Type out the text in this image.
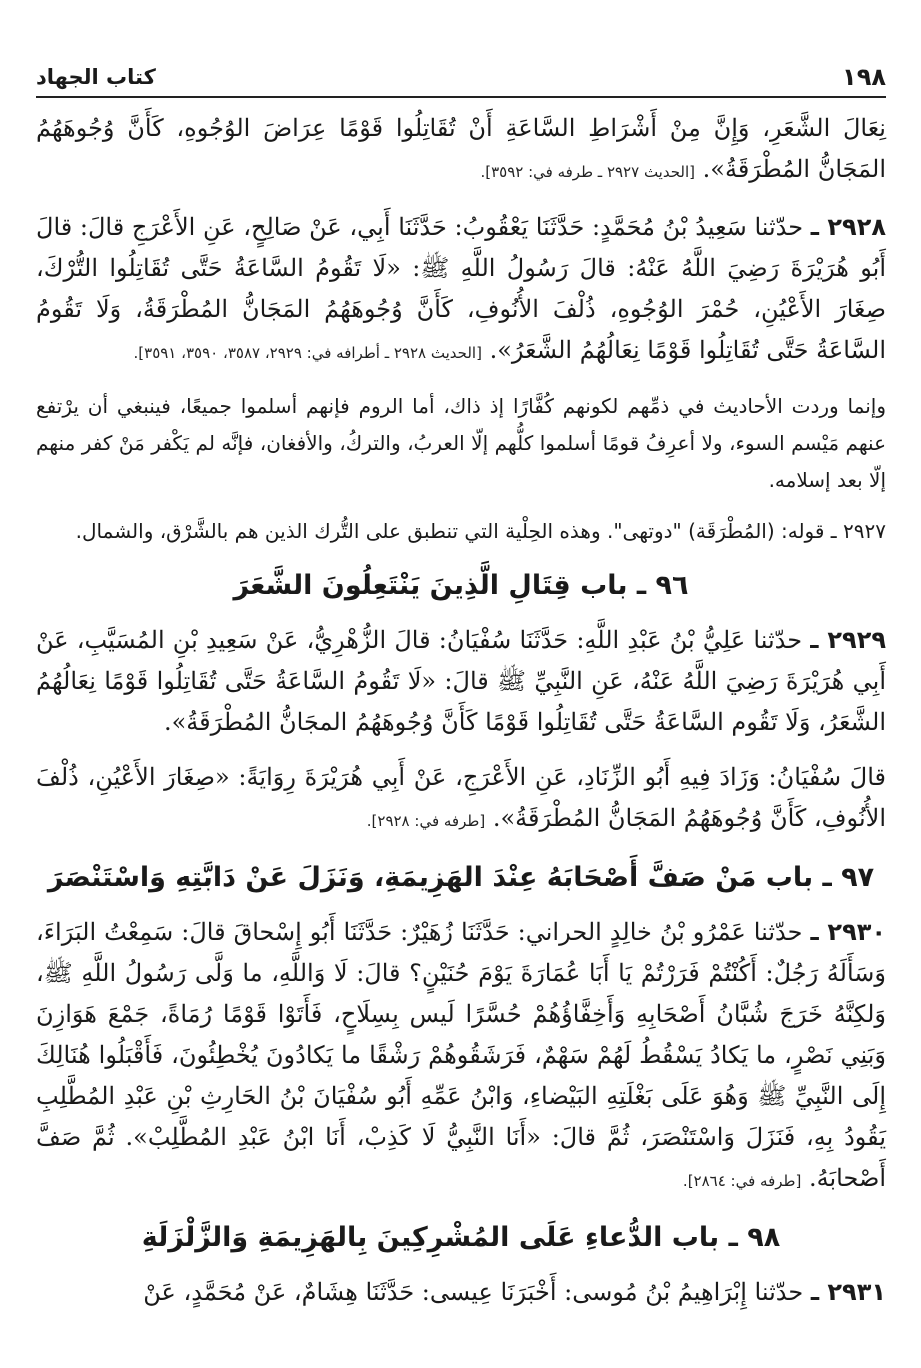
١٩٨
كتاب الجهاد

نِعَالَ الشَّعَرِ، وَإِنَّ مِنْ أَشْرَاطِ السَّاعَةِ أَنْ تُقَاتِلُوا قَوْمًا عِرَاضَ الوُجُوهِ، كَأَنَّ وُجُوهَهُمُ المَجَانُّ المُطْرَقَةُ». [الحديث ٢٩٢٧ ـ طرفه في: ٣٥٩٢].

٢٩٢٨ ـ حدّثنا سَعِيدُ بْنُ مُحَمَّدٍ: حَدَّثَنَا يَعْقُوبُ: حَدَّثَنَا أَبِي، عَنْ صَالِحٍ، عَنِ الأَعْرَجِ قالَ: قالَ أَبُو هُرَيْرَةَ رَضِيَ اللَّهُ عَنْهُ: قالَ رَسُولُ اللَّهِ ﷺ: «لَا تَقُومُ السَّاعَةُ حَتَّى تُقَاتِلُوا التُّرْكَ، صِغَارَ الأَعْيُنِ، حُمْرَ الوُجُوهِ، ذُلْفَ الأُنُوفِ، كَأَنَّ وُجُوهَهُمُ المَجَانُّ المُطْرَقَةُ، وَلَا تَقُومُ السَّاعَةُ حَتَّى تُقَاتِلُوا قَوْمًا نِعَالُهُمُ الشَّعَرُ». [الحديث ٢٩٢٨ ـ أطرافه في: ٢٩٢٩، ٣٥٨٧، ٣٥٩٠، ٣٥٩١].

وإنما وردت الأحاديث في ذمِّهم لكونهم كُفَّارًا إذ ذاك، أما الروم فإنهم أسلموا جميعًا، فينبغي أن يرْتفع عنهم مَيْسم السوء، ولا أعرِفُ قومًا أسلموا كلُّهم إلّا العربُ، والتركُ، والأفغان، فإنَّه لم يَكْفر مَنْ كفر منهم إلّا بعد إسلامه.

٢٩٢٧ ـ قوله: (المُطْرَقَة) "دوتهى". وهذه الحِلْية التي تنطبق على التُّرك الذين هم بالشَّرْق، والشمال.

٩٦ ـ باب قِتَالِ الَّذِينَ يَنْتَعِلُونَ الشَّعَرَ

٢٩٢٩ ـ حدّثنا عَلِيُّ بْنُ عَبْدِ اللَّهِ: حَدَّثَنَا سُفْيَانُ: قالَ الزُّهْرِيُّ، عَنْ سَعِيدِ بْنِ المُسَيَّبِ، عَنْ أَبِي هُرَيْرَةَ رَضِيَ اللَّهُ عَنْهُ، عَنِ النَّبِيِّ ﷺ قالَ: «لَا تَقُومُ السَّاعَةُ حَتَّى تُقَاتِلُوا قَوْمًا نِعَالُهُمُ الشَّعَرُ، وَلَا تَقُوم السَّاعَةُ حَتَّى تُقَاتِلُوا قَوْمًا كَأَنَّ وُجُوهَهُمُ المجَانُّ المُطْرَقَةُ».

قالَ سُفْيَانُ: وَزَادَ فِيهِ أَبُو الزِّنَادِ، عَنِ الأَعْرَجِ، عَنْ أَبِي هُرَيْرَةَ رِوَايَةً: «صِغَارَ الأَعْيُنِ، ذُلْفَ الأُنُوفِ، كَأَنَّ وُجُوهَهُمُ المَجَانُّ المُطْرَقَةُ». [طرفه في: ٢٩٢٨].

٩٧ ـ باب مَنْ صَفَّ أَصْحَابَهُ عِنْدَ الهَزِيمَةِ، وَنَزَلَ عَنْ دَابَّتِهِ وَاسْتَنْصَرَ

٢٩٣٠ ـ حدّثنا عَمْرُو بْنُ خالِدٍ الحراني: حَدَّثَنَا زُهَيْرٌ: حَدَّثَنَا أَبُو إِسْحاقَ قالَ: سَمِعْتُ البَرَاءَ، وَسَأَلَهُ رَجُلٌ: أَكُنْتُمْ فَرَرْتُمْ يَا أَبَا عُمَارَةَ يَوْمَ حُنَيْنٍ؟ قالَ: لَا وَاللَّهِ، ما وَلَّى رَسُولُ اللَّهِ ﷺ، وَلكِنَّهُ خَرَجَ شُبَّانُ أَصْحَابِهِ وَأَخِفَّاؤُهُمْ حُسَّرًا لَيس بِسِلَاحٍ، فَأَتَوْا قَوْمًا رُمَاةً، جَمْعَ هَوَازِنَ وَبَنِي نَصْرٍ، ما يَكادُ يَسْقُطُ لَهُمْ سَهْمٌ، فَرَشَقُوهُمْ رَشْقًا ما يَكادُونَ يُخْطِئُونَ، فَأَقْبَلُوا هُنَالِكَ إِلَى النَّبِيِّ ﷺ وَهُوَ عَلَى بَغْلَتِهِ البَيْضاءِ، وَابْنُ عَمِّهِ أَبُو سُفْيَانَ بْنُ الحَارِثِ بْنِ عَبْدِ المُطَّلِبِ يَقُودُ بِهِ، فَنَزَلَ وَاسْتَنْصَرَ، ثُمَّ قالَ: «أَنَا النَّبِيُّ لَا كَذِبْ، أَنَا ابْنُ عَبْدِ المُطَّلِبْ». ثُمَّ صَفَّ أَصْحابَهُ. [طرفه في: ٢٨٦٤].

٩٨ ـ باب الدُّعاءِ عَلَى المُشْرِكِينَ بِالهَزِيمَةِ وَالزَّلْزَلَةِ

٢٩٣١ ـ حدّثنا إِبْرَاهِيمُ بْنُ مُوسى: أَخْبَرَنَا عِيسى: حَدَّثَنَا هِشَامٌ، عَنْ مُحَمَّدٍ، عَنْ
